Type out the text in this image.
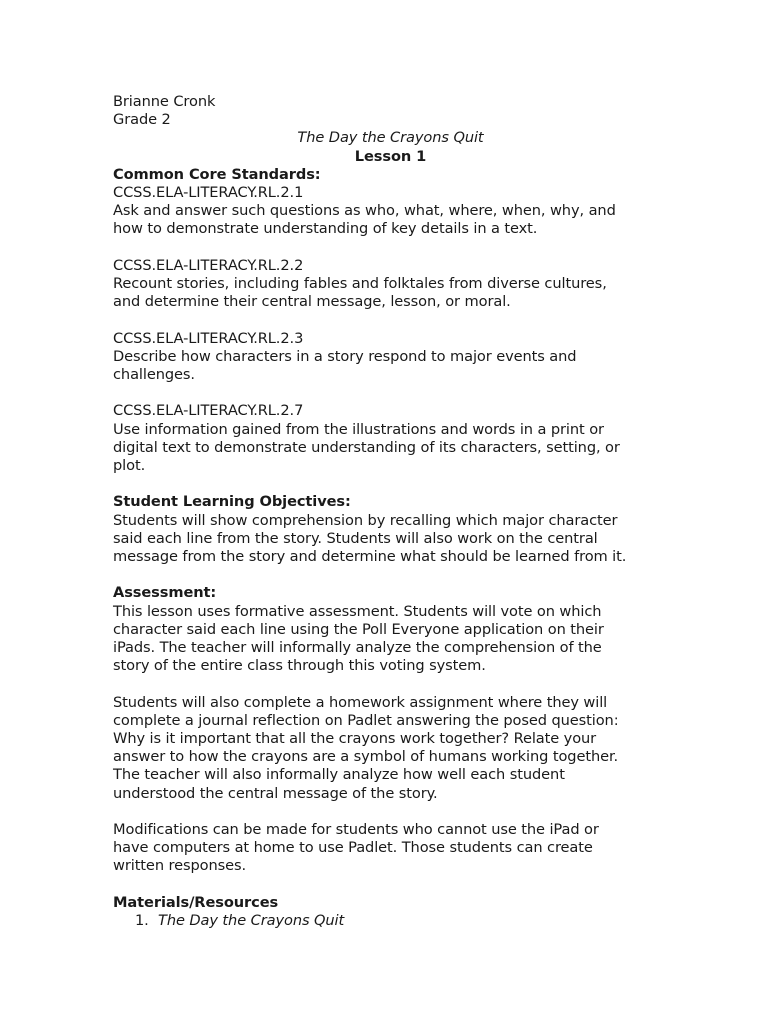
Brianne Cronk
Grade 2
The Day the Crayons Quit
Lesson 1
Common Core Standards:
CCSS.ELA-LITERACY.RL.2.1
Ask and answer such questions as who, what, where, when, why, and
how to demonstrate understanding of key details in a text.
CCSS.ELA-LITERACY.RL.2.2
Recount stories, including fables and folktales from diverse cultures,
and determine their central message, lesson, or moral.
CCSS.ELA-LITERACY.RL.2.3
Describe how characters in a story respond to major events and
challenges.
CCSS.ELA-LITERACY.RL.2.7
Use information gained from the illustrations and words in a print or
digital text to demonstrate understanding of its characters, setting, or
plot.
Student Learning Objectives:
Students will show comprehension by recalling which major character
said each line from the story. Students will also work on the central
message from the story and determine what should be learned from it.
Assessment:
This lesson uses formative assessment. Students will vote on which
character said each line using the Poll Everyone application on their
iPads. The teacher will informally analyze the comprehension of the
story of the entire class through this voting system.
Students will also complete a homework assignment where they will
complete a journal reflection on Padlet answering the posed question:
Why is it important that all the crayons work together? Relate your
answer to how the crayons are a symbol of humans working together.
The teacher will also informally analyze how well each student
understood the central message of the story.
Modifications can be made for students who cannot use the iPad or
have computers at home to use Padlet. Those students can create
written responses.
Materials/Resources
1. The Day the Crayons Quit
